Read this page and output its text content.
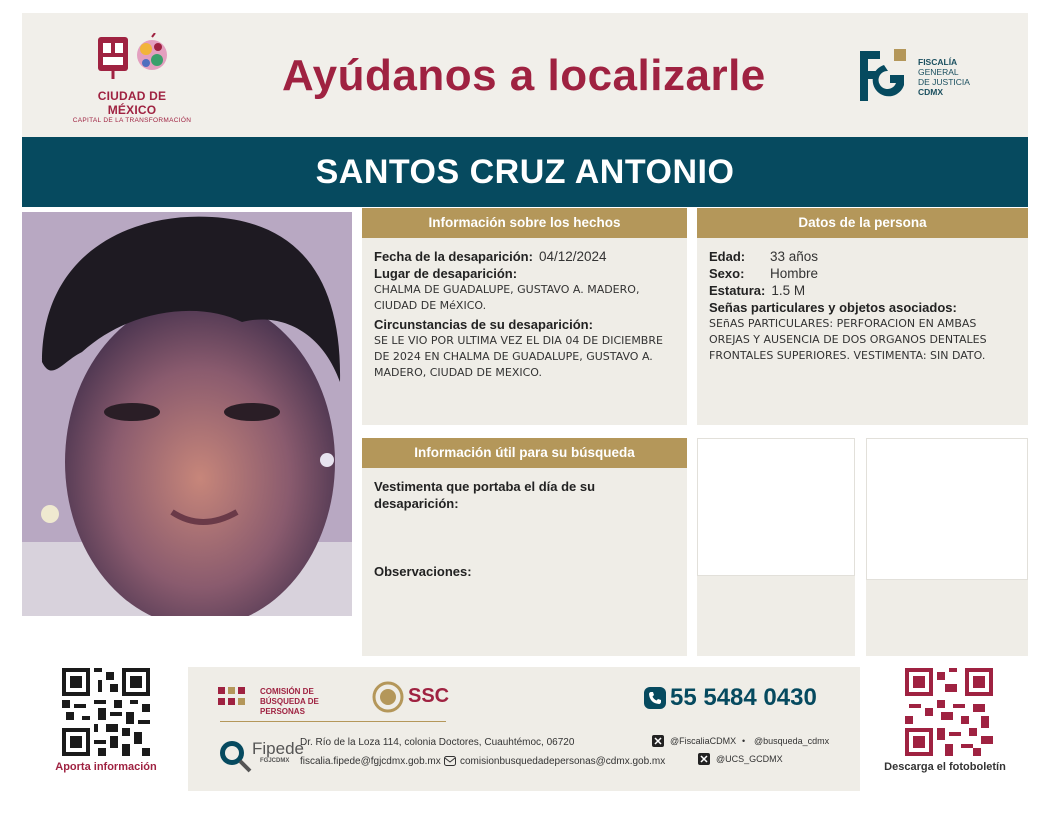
CIUDAD DE MÉXICO
CAPITAL DE LA TRANSFORMACIÓN
Ayúdanos a localizarle	FISCALÍA
GENERAL
DE JUSTICIA

CDMX
SANTOS CRUZ ANTONIO
Información sobre los hechos
Fecha de la desaparición: 04/12/2024
Lugar de desaparición:
CHALMA DE GUADALUPE, GUSTAVO A. MADERO, CIUDAD DE MéXICO.
Circunstancias de su desaparición:
SE LE VIO POR ULTIMA VEZ EL DIA 04 DE DICIEMBRE DE 2024 EN CHALMA DE GUADALUPE, GUSTAVO A. MADERO, CIUDAD DE MEXICO.
Datos de la persona
Edad: 33 años
Sexo: Hombre
Estatura: 1.5 M
Señas particulares y objetos asociados:
SEñAS PARTICULARES: PERFORACION EN AMBAS OREJAS Y AUSENCIA DE DOS ORGANOS DENTALES FRONTALES SUPERIORES. VESTIMENTA: SIN DATO.
Información útil para su búsqueda
Vestimenta que portaba el día de su desaparición:
Observaciones:
Aporta información
COMISIÓN DE BÚSQUEDA DE PERSONAS
SSC
Fipede
FGJCDMX
Dr. Río de la Loza 114, colonia Doctores, Cuauhtémoc, 06720
fiscalia.fipede@fgjcdmx.gob.mx comisionbusquedadepersonas@cdmx.gob.mx
55 5484 0430
@FiscaliaCDMX • @busqueda_cdmx
@UCS_GCDMX
Descarga el fotoboletín
